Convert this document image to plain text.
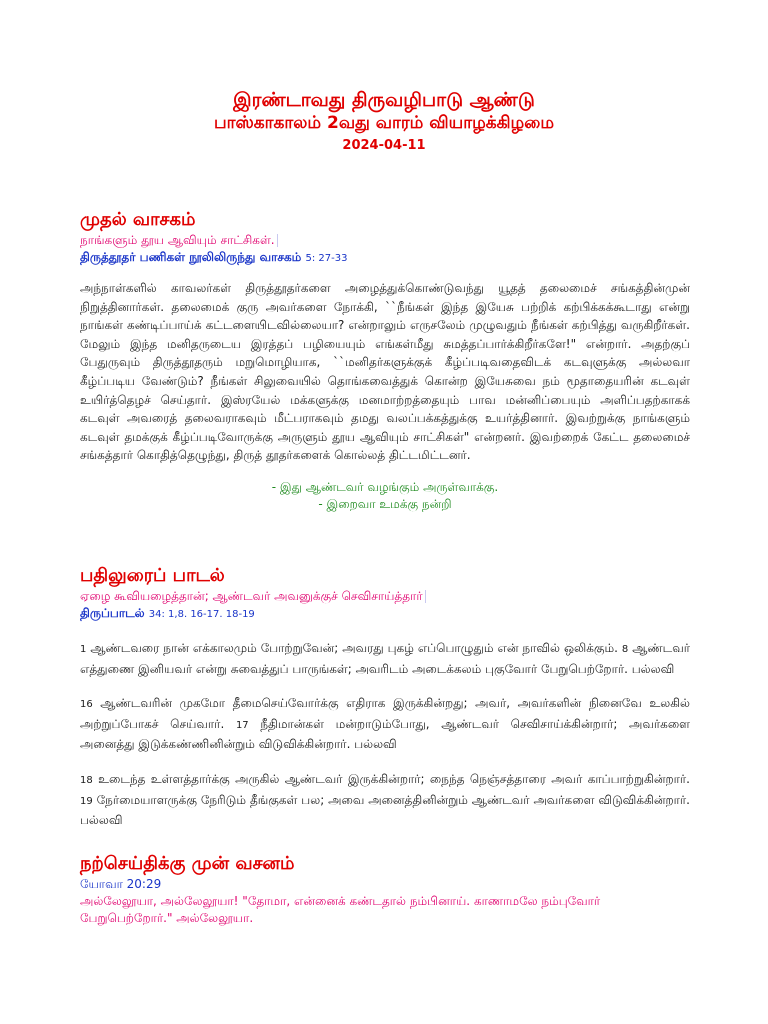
இரண்டாவது திருவழிபாடு ஆண்டு
பாஸ்காகாலம் 2வது வாரம் வியாழக்கிழமை
2024-04-11
முதல் வாசகம்
நாங்களும் தூய ஆவியும் சாட்சிகள்.
திருத்தூதர் பணிகள் நூலிலிருந்து வாசகம் 5: 27-33
அந்நாள்களில் காவலர்கள் திருத்தூதர்களை அழைத்துக்கொண்டுவந்து யூதத் தலைமைச் சங்கத்தின்முன் நிறுத்தினார்கள். தலைமைக் குரு அவர்களை நோக்கி, ``நீங்கள் இந்த இயேசு பற்றிக் கற்பிக்கக்கூடாது என்று நாங்கள் கண்டிப்பாய்க் கட்டளையிடவில்லையா? என்றாலும் எருசலேம் முழுவதும் நீங்கள் கற்பித்து வருகிறீர்கள். மேலும் இந்த மனிதருடைய இரத்தப் பழியையும் எங்கள்மீது சுமத்தப்பார்க்கிறீர்களே!" என்றார். அதற்குப் பேதுருவும் திருத்தூதரும் மறுமொழியாக, ``மனிதர்களுக்குக் கீழ்ப்படிவதைவிடக் கடவுளுக்கு அல்லவா கீழ்ப்படிய வேண்டும்? நீங்கள் சிலுவையில் தொங்கவைத்துக் கொன்ற இயேசுவை நம் மூதாதையரின் கடவுள் உயிர்த்தெழச் செய்தார். இஸ்ரயேல் மக்களுக்கு மனமாற்றத்தையும் பாவ மன்னிப்பையும் அளிப்பதற்காகக் கடவுள் அவரைத் தலைவராகவும் மீட்பராகவும் தமது வலப்பக்கத்துக்கு உயர்த்தினார். இவற்றுக்கு நாங்களும் கடவுள் தமக்குக் கீழ்ப்படிவோருக்கு அருளும் தூய ஆவியும் சாட்சிகள்" என்றனர். இவற்றைக் கேட்ட தலைமைச் சங்கத்தார் கொதித்தெழுந்து, திருத் தூதர்களைக் கொல்லத் திட்டமிட்டனர்.
- இது ஆண்டவர் வழங்கும் அருள்வாக்கு.
- இறைவா உமக்கு நன்றி
பதிலுரைப் பாடல்
ஏழை கூவியழைத்தான்; ஆண்டவர் அவனுக்குச் செவிசாய்த்தார்
திருப்பாடல் 34: 1,8. 16-17. 18-19
1 ஆண்டவரை நான் எக்காலமும் போற்றுவேன்; அவரது புகழ் எப்பொழுதும் என் நாவில் ஒலிக்கும். 8 ஆண்டவர் எத்துணை இனியவர் என்று சுவைத்துப் பாருங்கள்; அவரிடம் அடைக்கலம் புகுவோர் பேறுபெற்றோர். பல்லவி
16 ஆண்டவரின் முகமோ தீமைசெய்வோர்க்கு எதிராக இருக்கின்றது; அவர், அவர்களின் நினைவே உலகில் அற்றுப்போகச் செய்வார். 17 நீதிமான்கள் மன்றாடும்போது, ஆண்டவர் செவிசாய்க்கின்றார்; அவர்களை அனைத்து இடுக்கண்ணினின்றும் விடுவிக்கின்றார். பல்லவி
18 உடைந்த உள்ளத்தார்க்கு அருகில் ஆண்டவர் இருக்கின்றார்; நைந்த நெஞ்சத்தாரை அவர் காப்பாற்றுகின்றார். 19 நேர்மையாளருக்கு நேரிடும் தீங்குகள் பல; அவை அனைத்தினின்றும் ஆண்டவர் அவர்களை விடுவிக்கின்றார். பல்லவி
நற்செய்திக்கு முன் வசனம்
யோவா 20:29
அல்லேலூயா, அல்லேலூயா! "தோமா, என்னைக் கண்டதால் நம்பினாய். காணாமலே நம்புவோர் பேறுபெற்றோர்." அல்லேலூயா.
